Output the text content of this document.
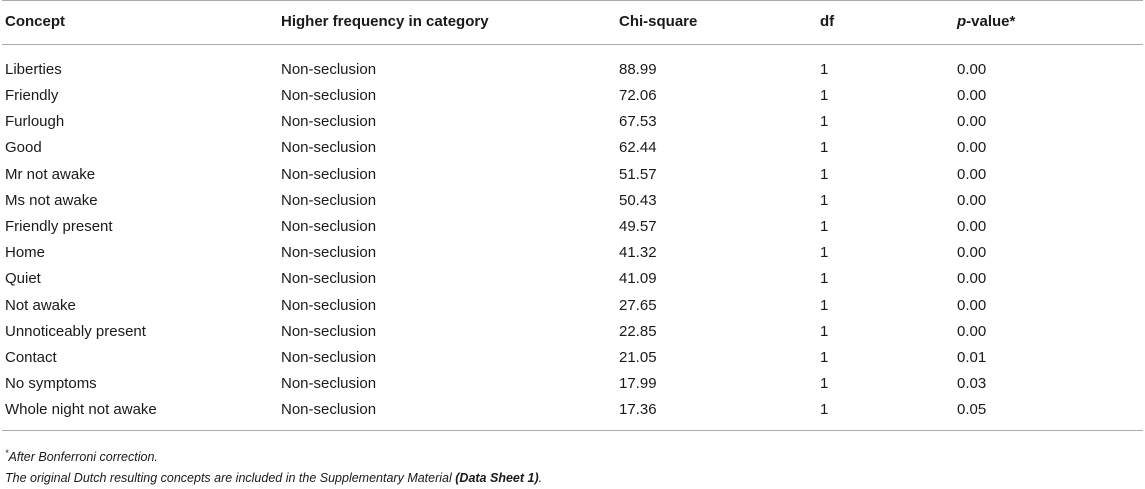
Concept	Higher frequency in category	Chi-square	df	p-value*
Liberties	Non-seclusion	88.99	1	0.00
Friendly	Non-seclusion	72.06	1	0.00
Furlough	Non-seclusion	67.53	1	0.00
Good	Non-seclusion	62.44	1	0.00
Mr not awake	Non-seclusion	51.57	1	0.00
Ms not awake	Non-seclusion	50.43	1	0.00
Friendly present	Non-seclusion	49.57	1	0.00
Home	Non-seclusion	41.32	1	0.00
Quiet	Non-seclusion	41.09	1	0.00
Not awake	Non-seclusion	27.65	1	0.00
Unnoticeably present	Non-seclusion	22.85	1	0.00
Contact	Non-seclusion	21.05	1	0.01
No symptoms	Non-seclusion	17.99	1	0.03
Whole night not awake	Non-seclusion	17.36	1	0.05
*After Bonferroni correction.
The original Dutch resulting concepts are included in the Supplementary Material (Data Sheet 1).
